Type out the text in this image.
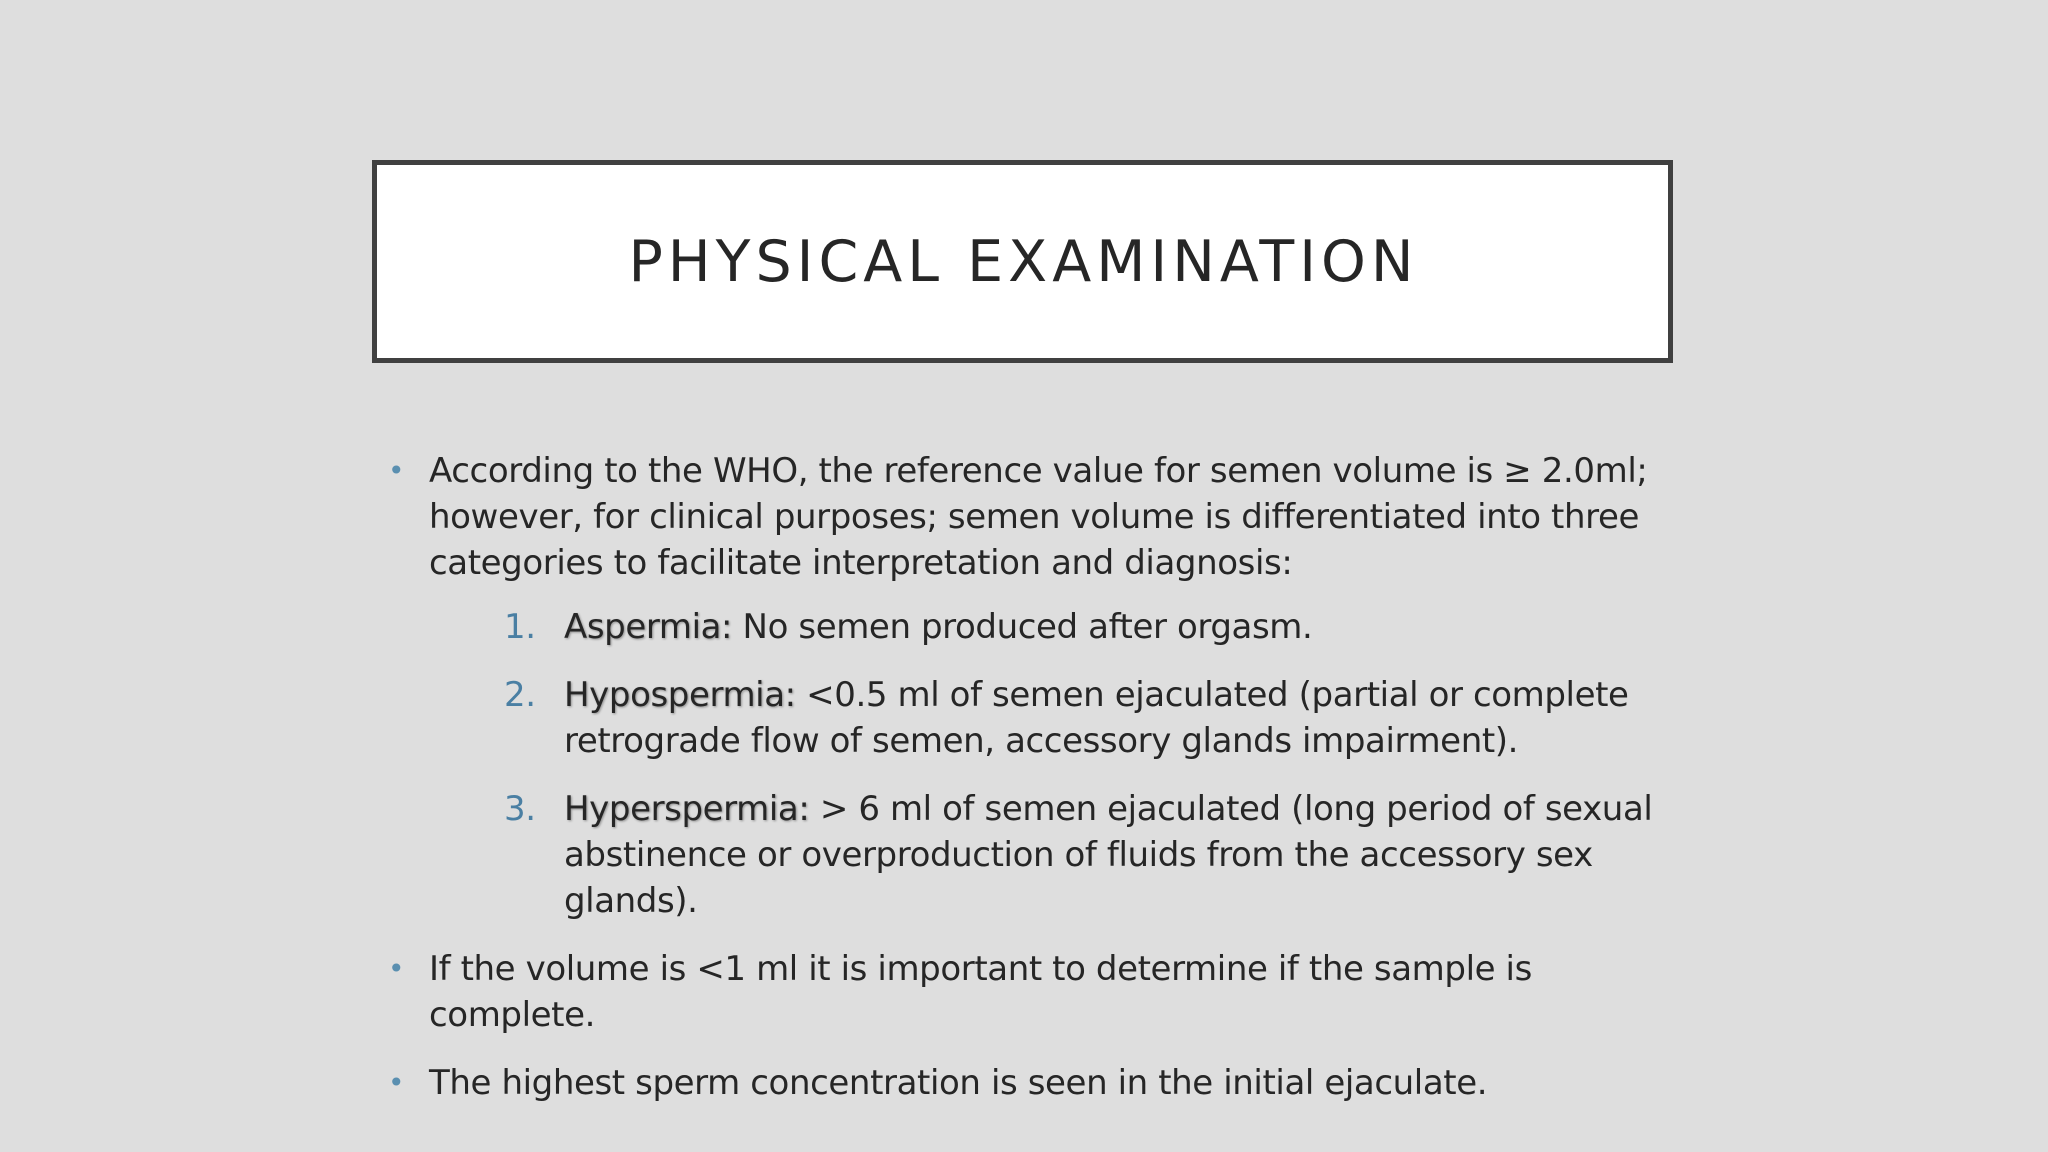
PHYSICAL EXAMINATION
• According to the WHO, the reference value for semen volume is ≥ 2.0ml; however, for clinical purposes; semen volume is differentiated into three categories to facilitate interpretation and diagnosis:
1. Aspermia: No semen produced after orgasm.
2. Hypospermia: <0.5 ml of semen ejaculated (partial or complete retrograde flow of semen, accessory glands impairment).
3. Hyperspermia: > 6 ml of semen ejaculated (long period of sexual abstinence or overproduction of fluids from the accessory sex glands).
• If the volume is <1 ml it is important to determine if the sample is complete.
• The highest sperm concentration is seen in the initial ejaculate.
